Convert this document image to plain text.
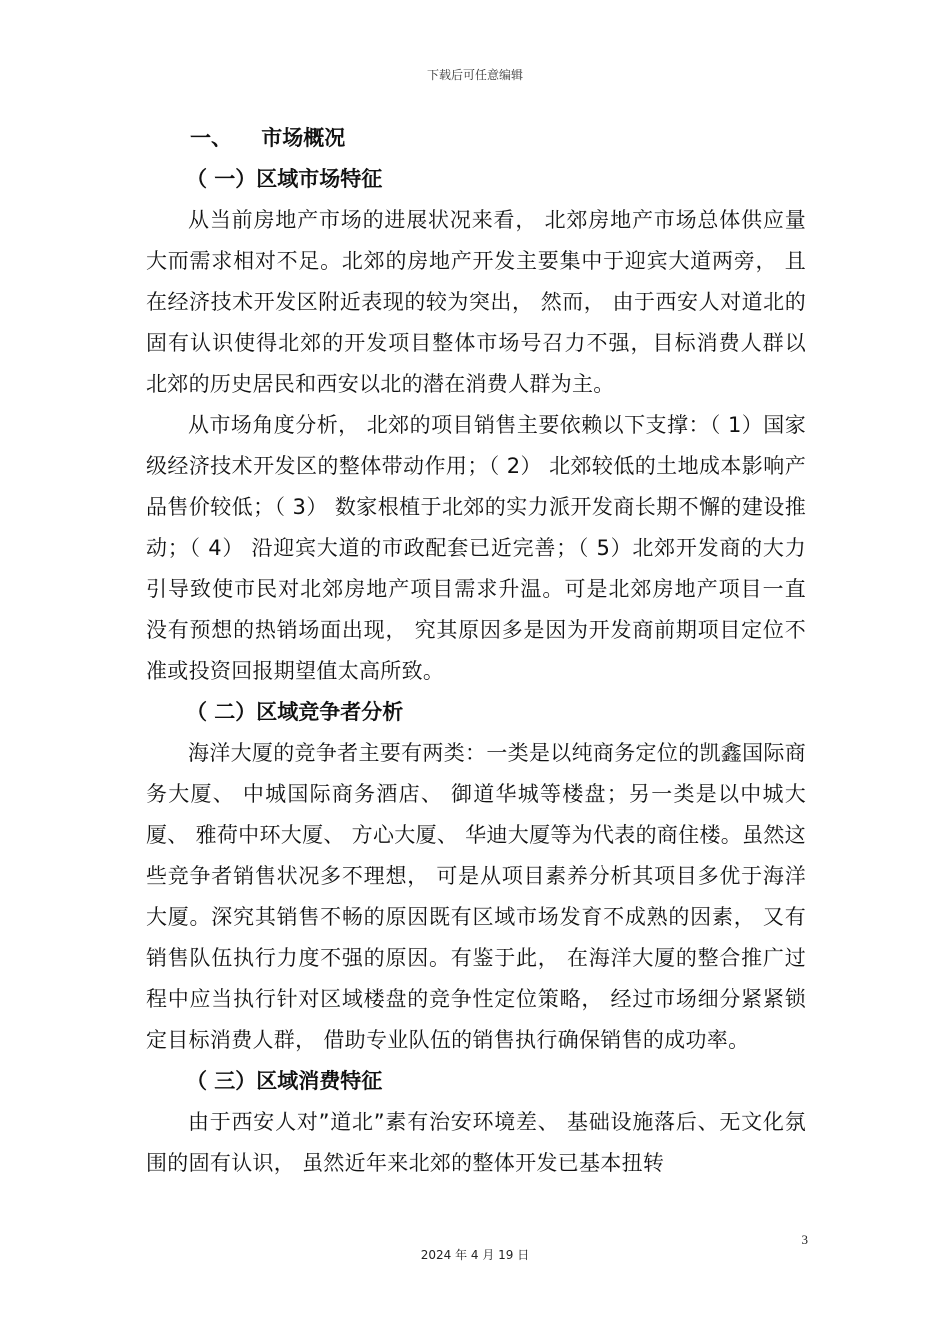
下载后可任意编辑

一、    市场概况

（ 一）区域市场特征

从当前房地产市场的进展状况来看， 北郊房地产市场总体供应量大而需求相对不足。北郊的房地产开发主要集中于迎宾大道两旁， 且在经济技术开发区附近表现的较为突出， 然而， 由于西安人对道北的固有认识使得北郊的开发项目整体市场号召力不强，目标消费人群以北郊的历史居民和西安以北的潜在消费人群为主。

从市场角度分析， 北郊的项目销售主要依赖以下支撑：（ 1）国家级经济技术开发区的整体带动作用；（ 2） 北郊较低的土地成本影响产品售价较低；（ 3） 数家根植于北郊的实力派开发商长期不懈的建设推动；（ 4） 沿迎宾大道的市政配套已近完善；（ 5）北郊开发商的大力引导致使市民对北郊房地产项目需求升温。可是北郊房地产项目一直没有预想的热销场面出现， 究其原因多是因为开发商前期项目定位不准或投资回报期望值太高所致。

（ 二）区域竞争者分析

海洋大厦的竞争者主要有两类：一类是以纯商务定位的凯鑫国际商务大厦、 中城国际商务酒店、 御道华城等楼盘；另一类是以中城大厦、 雅荷中环大厦、 方心大厦、 华迪大厦等为代表的商住楼。虽然这些竞争者销售状况多不理想， 可是从项目素养分析其项目多优于海洋大厦。深究其销售不畅的原因既有区域市场发育不成熟的因素， 又有销售队伍执行力度不强的原因。有鉴于此， 在海洋大厦的整合推广过程中应当执行针对区域楼盘的竞争性定位策略， 经过市场细分紧紧锁定目标消费人群， 借助专业队伍的销售执行确保销售的成功率。

（ 三）区域消费特征

由于西安人对”道北”素有治安环境差、 基础设施落后、无文化氛围的固有认识， 虽然近年来北郊的整体开发已基本扭转

3
2024 年 4 月 19 日
